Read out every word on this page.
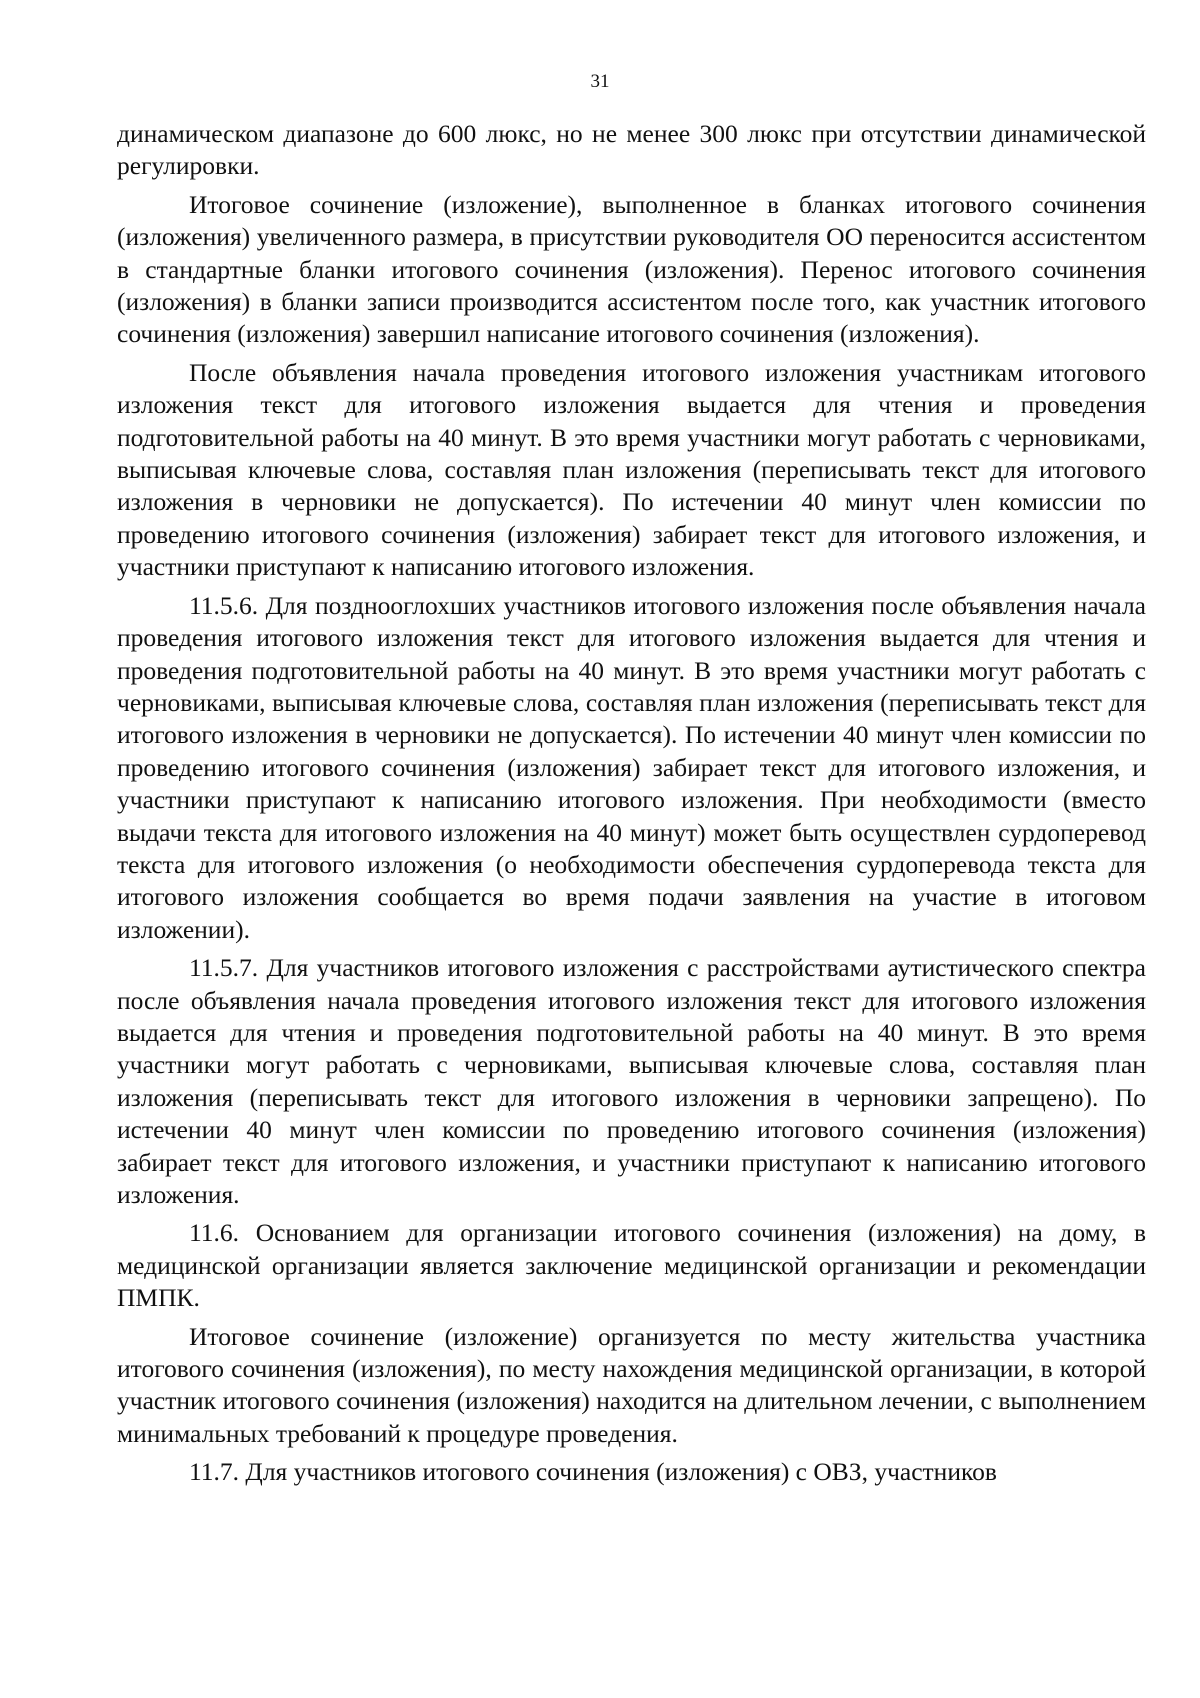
31

динамическом диапазоне до 600 люкс, но не менее 300 люкс при отсутствии динамической регулировки.

Итоговое сочинение (изложение), выполненное в бланках итогового сочинения (изложения) увеличенного размера, в присутствии руководителя ОО переносится ассистентом в стандартные бланки итогового сочинения (изложения). Перенос итогового сочинения (изложения) в бланки записи производится ассистентом после того, как участник итогового сочинения (изложения) завершил написание итогового сочинения (изложения).

После объявления начала проведения итогового изложения участникам итогового изложения текст для итогового изложения выдается для чтения и проведения подготовительной работы на 40 минут. В это время участники могут работать с черновиками, выписывая ключевые слова, составляя план изложения (переписывать текст для итогового изложения в черновики не допускается). По истечении 40 минут член комиссии по проведению итогового сочинения (изложения) забирает текст для итогового изложения, и участники приступают к написанию итогового изложения.

11.5.6. Для позднооглохших участников итогового изложения после объявления начала проведения итогового изложения текст для итогового изложения выдается для чтения и проведения подготовительной работы на 40 минут. В это время участники могут работать с черновиками, выписывая ключевые слова, составляя план изложения (переписывать текст для итогового изложения в черновики не допускается). По истечении 40 минут член комиссии по проведению итогового сочинения (изложения) забирает текст для итогового изложения, и участники приступают к написанию итогового изложения. При необходимости (вместо выдачи текста для итогового изложения на 40 минут) может быть осуществлен сурдоперевод текста для итогового изложения (о необходимости обеспечения сурдоперевода текста для итогового изложения сообщается во время подачи заявления на участие в итоговом изложении).

11.5.7. Для участников итогового изложения с расстройствами аутистического спектра после объявления начала проведения итогового изложения текст для итогового изложения выдается для чтения и проведения подготовительной работы на 40 минут. В это время участники могут работать с черновиками, выписывая ключевые слова, составляя план изложения (переписывать текст для итогового изложения в черновики запрещено). По истечении 40 минут член комиссии по проведению итогового сочинения (изложения) забирает текст для итогового изложения, и участники приступают к написанию итогового изложения.

11.6. Основанием для организации итогового сочинения (изложения) на дому, в медицинской организации является заключение медицинской организации и рекомендации ПМПК.

Итоговое сочинение (изложение) организуется по месту жительства участника итогового сочинения (изложения), по месту нахождения медицинской организации, в которой участник итогового сочинения (изложения) находится на длительном лечении, с выполнением минимальных требований к процедуре проведения.

11.7. Для участников итогового сочинения (изложения) с ОВЗ, участников
